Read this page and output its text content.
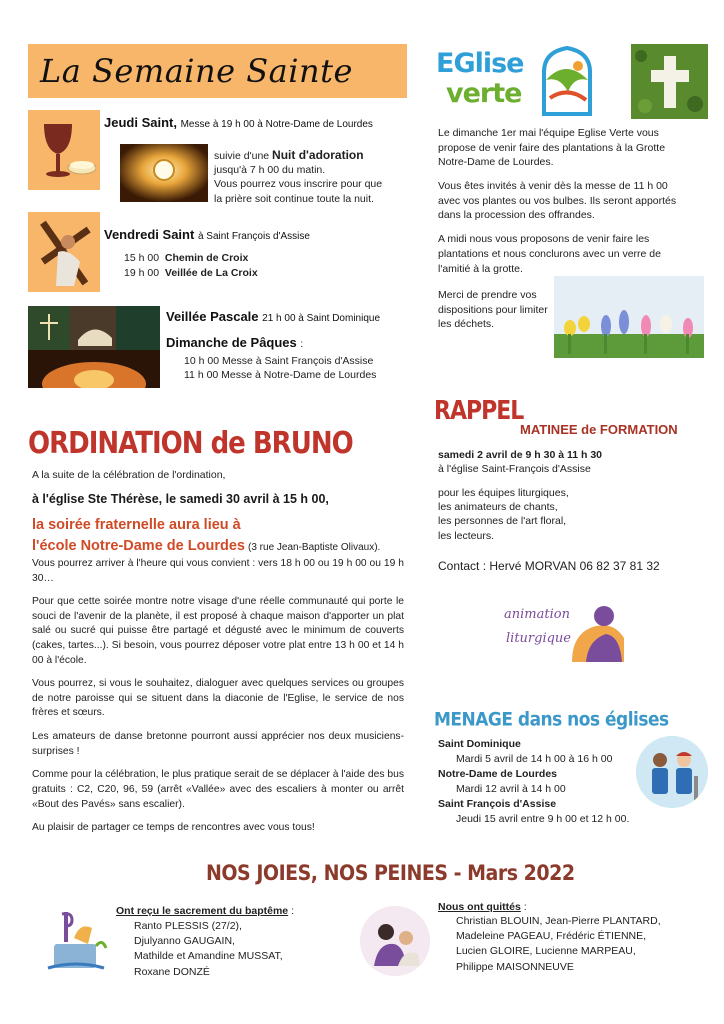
La Semaine Sainte
Jeudi Saint, Messe à 19 h 00 à Notre-Dame de Lourdes
suivie d'une Nuit d'adoration
jusqu'à 7 h 00 du matin.
Vous pourrez vous inscrire pour que
la prière soit continue toute la nuit.
Vendredi Saint à Saint François d'Assise
15 h 00 Chemin de Croix
19 h 00 Veillée de La Croix
Veillée Pascale 21 h 00 à Saint Dominique
Dimanche de Pâques :
10 h 00 Messe à Saint François d'Assise
11 h 00 Messe à Notre-Dame de Lourdes
EGlise
verte

Le dimanche 1er mai l'équipe Eglise Verte vous propose de venir faire des plantations à la Grotte Notre-Dame de Lourdes.

Vous êtes invités à venir dès la messe de 11 h 00 avec vos plantes ou vos bulbes. Ils seront apportés dans la procession des offrandes.

A midi nous vous proposons de venir faire les plantations et nous conclurons avec un verre de l'amitié à la grotte.

Merci de prendre vos dispositions pour limiter les déchets.
ORDINATION de BRUNO
A la suite de la célébration de l'ordination,
à l'église Ste Thérèse, le samedi 30 avril à 15 h 00,
la soirée fraternelle aura lieu à
l'école Notre-Dame de Lourdes (3 rue Jean-Baptiste Olivaux).

Vous pourrez arriver à l'heure qui vous convient : vers 18 h 00 ou 19 h 00 ou 19 h 30…

Pour que cette soirée montre notre visage d'une réelle communauté qui porte le souci de l'avenir de la planète, il est proposé à chaque maison d'apporter un plat salé ou sucré qui puisse être partagé et dégusté avec le minimum de couverts (cakes, tartes...). Si besoin, vous pourrez déposer votre plat entre 13 h 00 et 14 h 00 à l'école.

Vous pourrez, si vous le souhaitez, dialoguer avec quelques services ou groupes de notre paroisse qui se situent dans la diaconie de l'Eglise, le service de nos frères et sœurs.

Les amateurs de danse bretonne pourront aussi apprécier nos deux musiciens-surprises !

Comme pour la célébration, le plus pratique serait de se déplacer à l'aide des bus gratuits : C2, C20, 96, 59 (arrêt «Vallée» avec des escaliers à monter ou arrêt «Bout des Pavés» sans escalier).

Au plaisir de partager ce temps de rencontres avec vous tous!

RAPPEL
MATINEE de FORMATION
samedi 2 avril de 9 h 30 à 11 h 30
à l'église Saint-François d'Assise
pour les équipes liturgiques,
les animateurs de chants,
les personnes de l'art floral,
les lecteurs.
Contact : Hervé MORVAN 06 82 37 81 32
animation
liturgique
MENAGE dans nos églises
Saint Dominique
Mardi 5 avril de 14 h 00 à 16 h 00
Notre-Dame de Lourdes
Mardi 12 avril à 14 h 00
Saint François d'Assise
Jeudi 15 avril entre 9 h 00 et 12 h 00.
NOS JOIES, NOS PEINES - Mars 2022
Ont reçu le sacrement du baptême :
Ranto PLESSIS (27/2),
Djulyanno GAUGAIN,
Mathilde et Amandine MUSSAT,
Roxane DONZÉ
Nous ont quittés :
Christian BLOUIN, Jean-Pierre PLANTARD,
Madeleine PAGEAU, Frédéric ÉTIENNE,
Lucien GLOIRE, Lucienne MARPEAU,
Philippe MAISONNEUVE
